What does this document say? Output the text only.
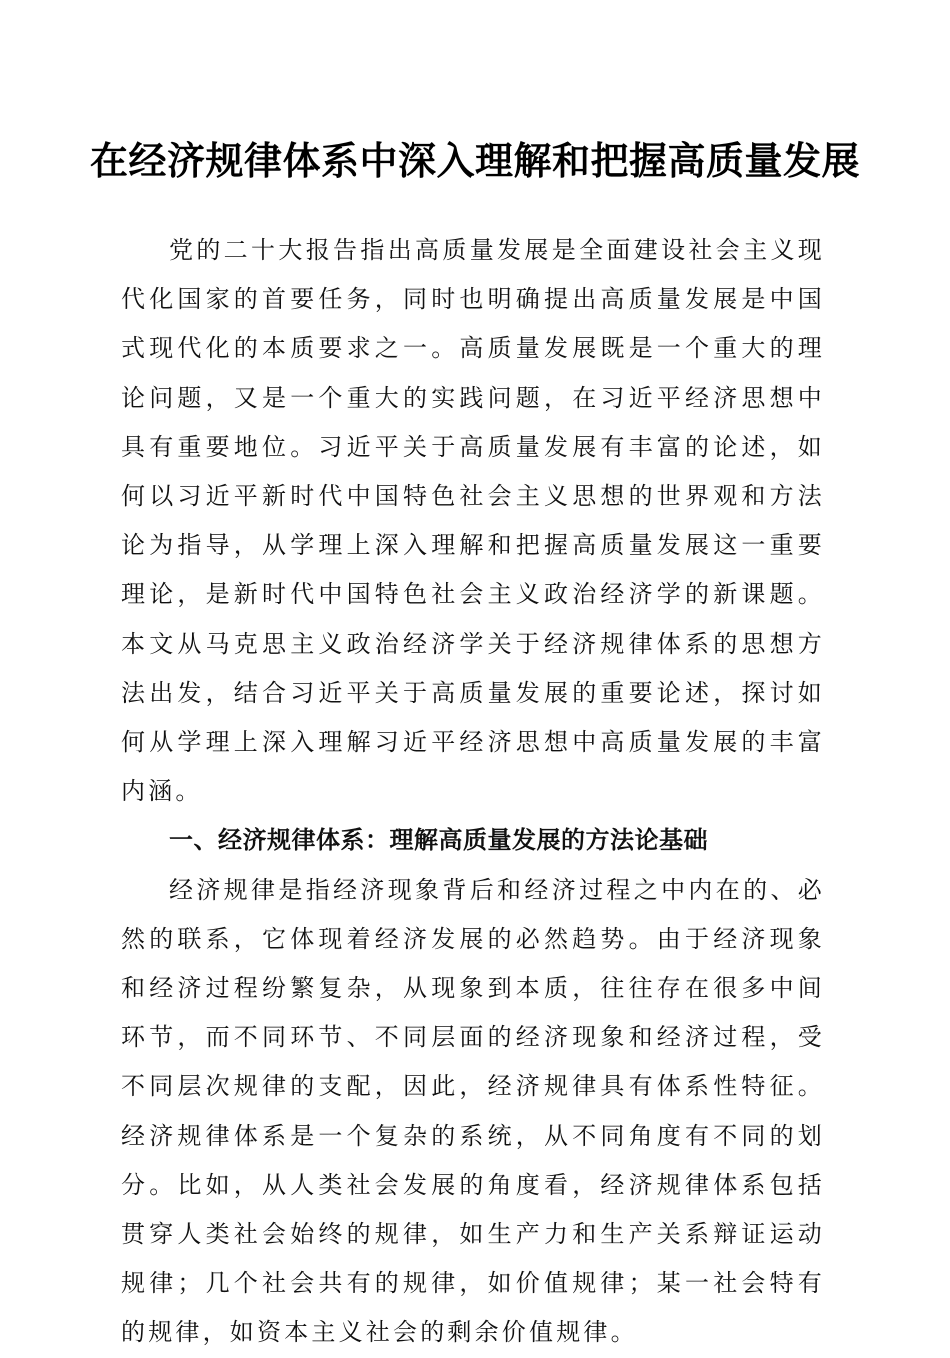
在经济规律体系中深入理解和把握高质量发展

党的二十大报告指出高质量发展是全面建设社会主义现代化国家的首要任务，同时也明确提出高质量发展是中国式现代化的本质要求之一。高质量发展既是一个重大的理论问题，又是一个重大的实践问题，在习近平经济思想中具有重要地位。习近平关于高质量发展有丰富的论述，如何以习近平新时代中国特色社会主义思想的世界观和方法论为指导，从学理上深入理解和把握高质量发展这一重要理论，是新时代中国特色社会主义政治经济学的新课题。本文从马克思主义政治经济学关于经济规律体系的思想方法出发，结合习近平关于高质量发展的重要论述，探讨如何从学理上深入理解习近平经济思想中高质量发展的丰富内涵。

一、经济规律体系：理解高质量发展的方法论基础

经济规律是指经济现象背后和经济过程之中内在的、必然的联系，它体现着经济发展的必然趋势。由于经济现象和经济过程纷繁复杂，从现象到本质，往往存在很多中间环节，而不同环节、不同层面的经济现象和经济过程，受不同层次规律的支配，因此，经济规律具有体系性特征。经济规律体系是一个复杂的系统，从不同角度有不同的划分。比如，从人类社会发展的角度看，经济规律体系包括贯穿人类社会始终的规律，如生产力和生产关系辩证运动规律；几个社会共有的规律，如价值规律；某一社会特有的规律，如资本主义社会的剩余价值规律。
